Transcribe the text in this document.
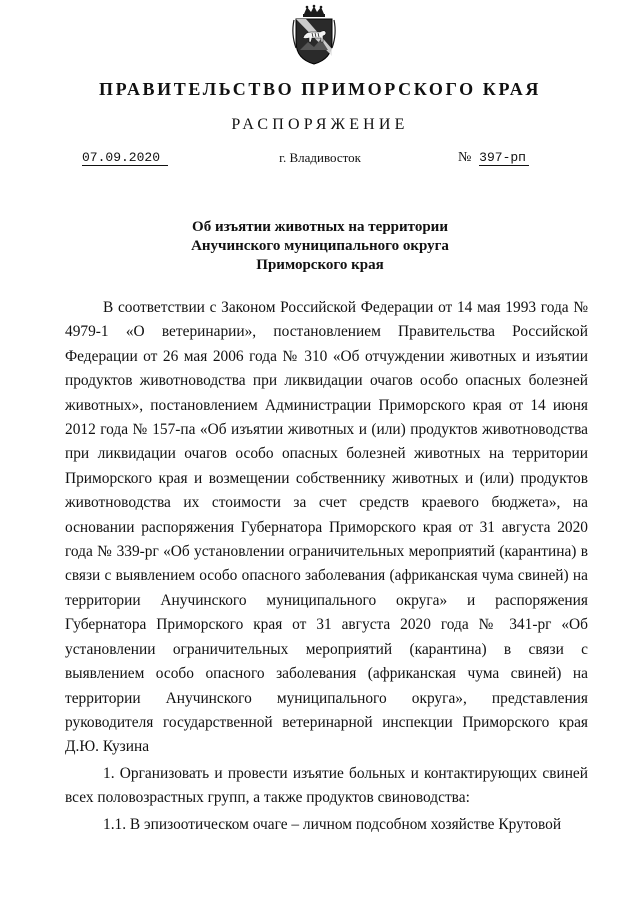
ПРАВИТЕЛЬСТВО ПРИМОРСКОГО КРАЯ
РАСПОРЯЖЕНИЕ
07.09.2020	г. Владивосток	№ 397-рп
Об изъятии животных на территории
Анучинского муниципального округа
Приморского края

В соответствии с Законом Российской Федерации от 14 мая 1993 года № 4979-1 «О ветеринарии», постановлением Правительства Российской Федерации от 26 мая 2006 года № 310 «Об отчуждении животных и изъятии продуктов животноводства при ликвидации очагов особо опасных болезней животных», постановлением Администрации Приморского края от 14 июня 2012 года № 157-па «Об изъятии животных и (или) продуктов животноводства при ликвидации очагов особо опасных болезней животных на территории Приморского края и возмещении собственнику животных и (или) продуктов животноводства их стоимости за счет средств краевого бюджета», на основании распоряжения Губернатора Приморского края от 31 августа 2020 года № 339-рг «Об установлении ограничительных мероприятий (карантина) в связи с выявлением особо опасного заболевания (африканская чума свиней) на территории Анучинского муниципального округа» и распоряжения Губернатора Приморского края от 31 августа 2020 года № 341-рг «Об установлении ограничительных мероприятий (карантина) в связи с выявлением особо опасного заболевания (африканская чума свиней) на территории Анучинского муниципального округа», представления руководителя государственной ветеринарной инспекции Приморского края Д.Ю. Кузина

1. Организовать и провести изъятие больных и контактирующих свиней всех половозрастных групп, а также продуктов свиноводства:

1.1. В эпизоотическом очаге – личном подсобном хозяйстве Крутовой
